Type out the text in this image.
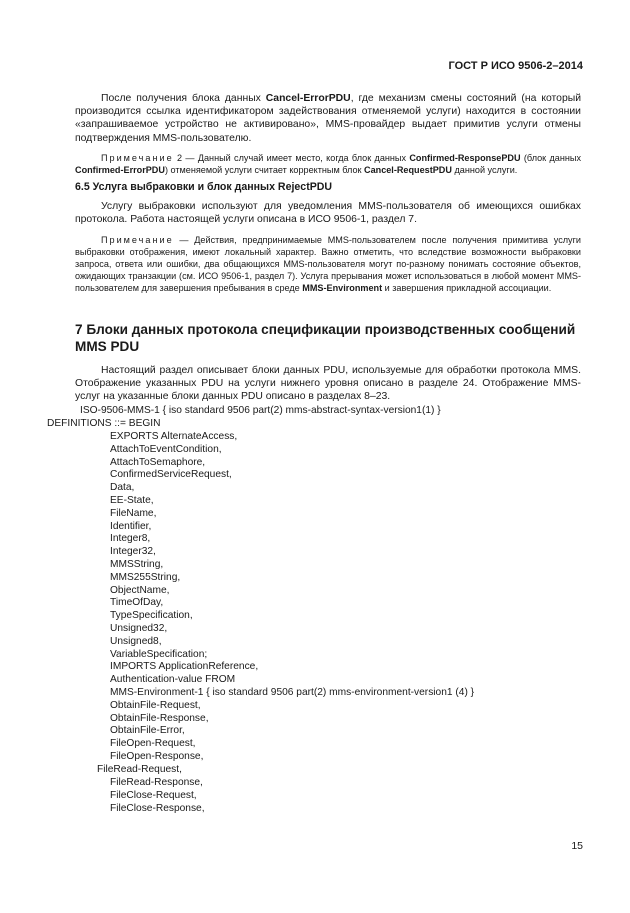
ГОСТ Р ИСО 9506-2–2014

После получения блока данных Cancel-ErrorPDU, где механизм смены состояний (на который производится ссылка идентификатором задействования отменяемой услуги) находится в состоянии «запрашиваемое устройство не активировано», MMS-провайдер выдает примитив услуги отмены подтверждения MMS-пользователю.

Примечание 2 — Данный случай имеет место, когда блок данных Confirmed-ResponsePDU (блок данных Confirmed-ErrorPDU) отменяемой услуги считает корректным блок Cancel-RequestPDU данной услуги.

6.5 Услуга выбраковки и блок данных RejectPDU

Услугу выбраковки используют для уведомления MMS-пользователя об имеющихся ошибках протокола. Работа настоящей услуги описана в ИСО 9506-1, раздел 7.

Примечание — Действия, предпринимаемые MMS-пользователем после получения примитива услуги выбраковки отображения, имеют локальный характер. Важно отметить, что вследствие возможности выбраковки запроса, ответа или ошибки, два общающихся MMS-пользователя могут по-разному понимать состояние объектов, ожидающих транзакции (см. ИСО 9506-1, раздел 7). Услуга прерывания может использоваться в любой момент MMS-пользователем для завершения пребывания в среде MMS-Environment и завершения прикладной ассоциации.

7 Блоки данных протокола спецификации производственных сообщений MMS PDU

Настоящий раздел описывает блоки данных PDU, используемые для обработки протокола MMS. Отображение указанных PDU на услуги нижнего уровня описано в разделе 24. Отображение MMS-услуг на указанные блоки данных PDU описано в разделах 8–23.

ISO-9506-MMS-1 { iso standard 9506 part(2) mms-abstract-syntax-version1(1) }
DEFINITIONS ::= BEGIN
EXPORTS AlternateAccess,
AttachToEventCondition,
AttachToSemaphore,
ConfirmedServiceRequest,
Data,
EE-State,
FileName,
Identifier,
Integer8,
Integer32,
MMSString,
MMS255String,
ObjectName,
TimeOfDay,
TypeSpecification,
Unsigned32,
Unsigned8,
VariableSpecification;
IMPORTS ApplicationReference,
Authentication-value FROM
MMS-Environment-1 { iso standard 9506 part(2) mms-environment-version1 (4) }
ObtainFile-Request,
ObtainFile-Response,
ObtainFile-Error,
FileOpen-Request,
FileOpen-Response,
FileRead-Request,
FileRead-Response,
FileClose-Request,
FileClose-Response,
15
